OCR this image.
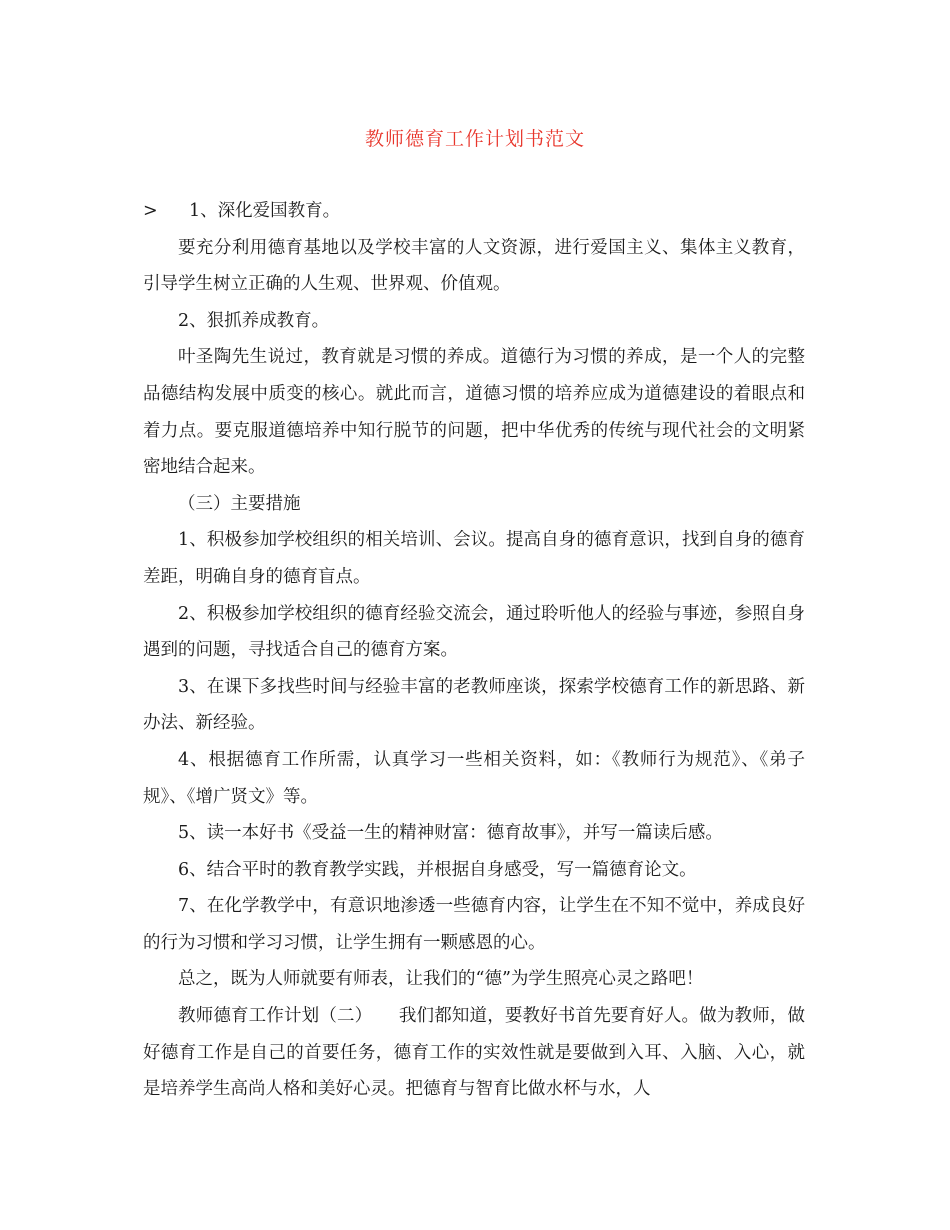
教师德育工作计划书范文

> 1、深化爱国教育。

要充分利用德育基地以及学校丰富的人文资源，进行爱国主义、集体主义教育，引导学生树立正确的人生观、世界观、价值观。

2、狠抓养成教育。

叶圣陶先生说过，教育就是习惯的养成。道德行为习惯的养成，是一个人的完整品德结构发展中质变的核心。就此而言，道德习惯的培养应成为道德建设的着眼点和着力点。要克服道德培养中知行脱节的问题，把中华优秀的传统与现代社会的文明紧密地结合起来。

（三）主要措施

1、积极参加学校组织的相关培训、会议。提高自身的德育意识，找到自身的德育差距，明确自身的德育盲点。

2、积极参加学校组织的德育经验交流会，通过聆听他人的经验与事迹，参照自身遇到的问题，寻找适合自己的德育方案。

3、在课下多找些时间与经验丰富的老教师座谈，探索学校德育工作的新思路、新办法、新经验。

4、根据德育工作所需，认真学习一些相关资料，如：《教师行为规范》、《弟子规》、《增广贤文》等。

5、读一本好书《受益一生的精神财富：德育故事》，并写一篇读后感。

6、结合平时的教育教学实践，并根据自身感受，写一篇德育论文。

7、在化学教学中，有意识地渗透一些德育内容，让学生在不知不觉中，养成良好的行为习惯和学习习惯，让学生拥有一颗感恩的心。

总之，既为人师就要有师表，让我们的“德”为学生照亮心灵之路吧！

教师德育工作计划（二）　　我们都知道，要教好书首先要育好人。做为教师，做好德育工作是自己的首要任务，德育工作的实效性就是要做到入耳、入脑、入心，就是培养学生高尚人格和美好心灵。把德育与智育比做水杯与水，人
